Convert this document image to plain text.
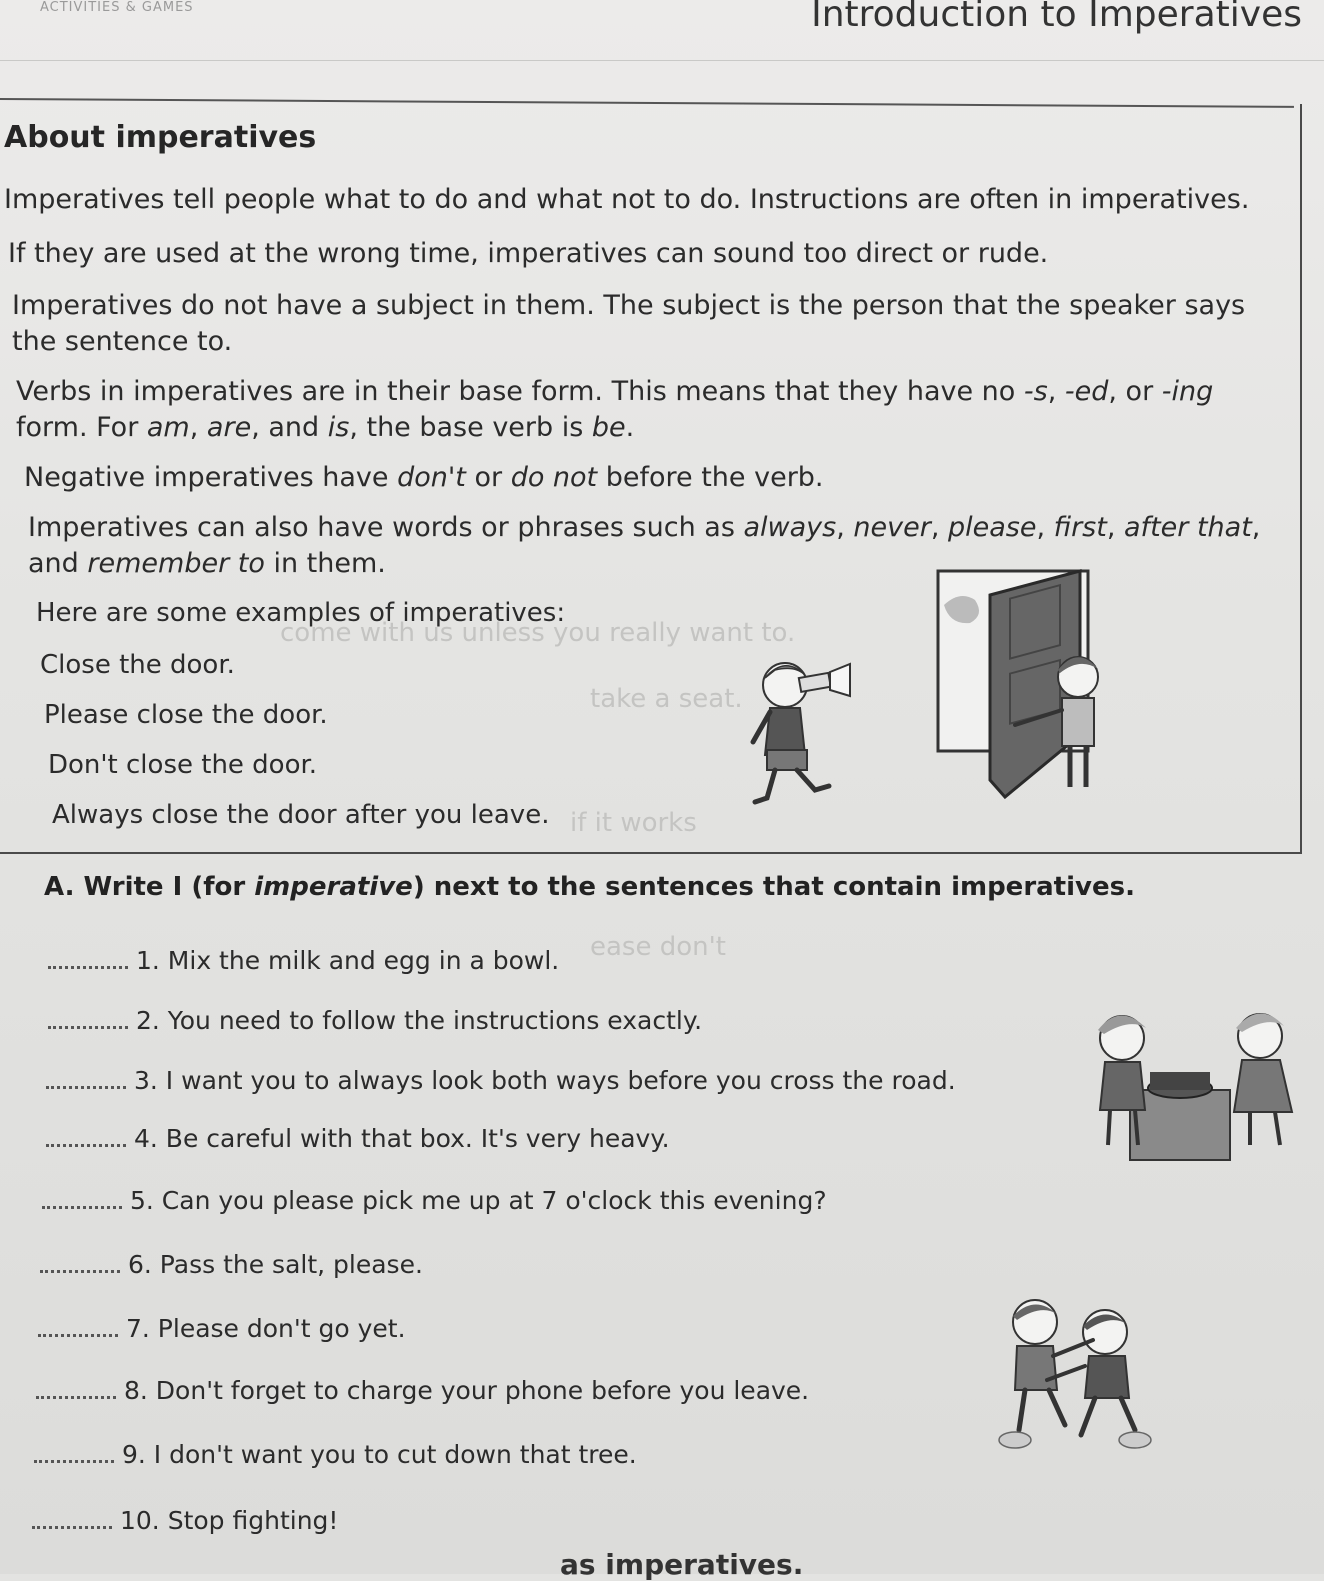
ACTIVITIES & GAMES	Introduction to Imperatives
come with us unless you really want to.
take a seat.
ease don't
if it works
About imperatives

Imperatives tell people what to do and what not to do. Instructions are often in imperatives.

If they are used at the wrong time, imperatives can sound too direct or rude.

Imperatives do not have a subject in them. The subject is the person that the speaker says
the sentence to.

Verbs in imperatives are in their base form. This means that they have no -s, -ed, or -ing
form. For am, are, and is, the base verb is be.

Negative imperatives have don't or do not before the verb.

Imperatives can also have words or phrases such as always, never, please, first, after that,
and remember to in them.

Here are some examples of imperatives:
Close the door.
Please close the door.
Don't close the door.
Always close the door after you leave.
A. Write I (for imperative) next to the sentences that contain imperatives.
1. Mix the milk and egg in a bowl.
2. You need to follow the instructions exactly.
3. I want you to always look both ways before you cross the road.
4. Be careful with that box. It's very heavy.
5. Can you please pick me up at 7 o'clock this evening?
6. Pass the salt, please.
7. Please don't go yet.
8. Don't forget to charge your phone before you leave.
9. I don't want you to cut down that tree.
10. Stop fighting!
as imperatives.
